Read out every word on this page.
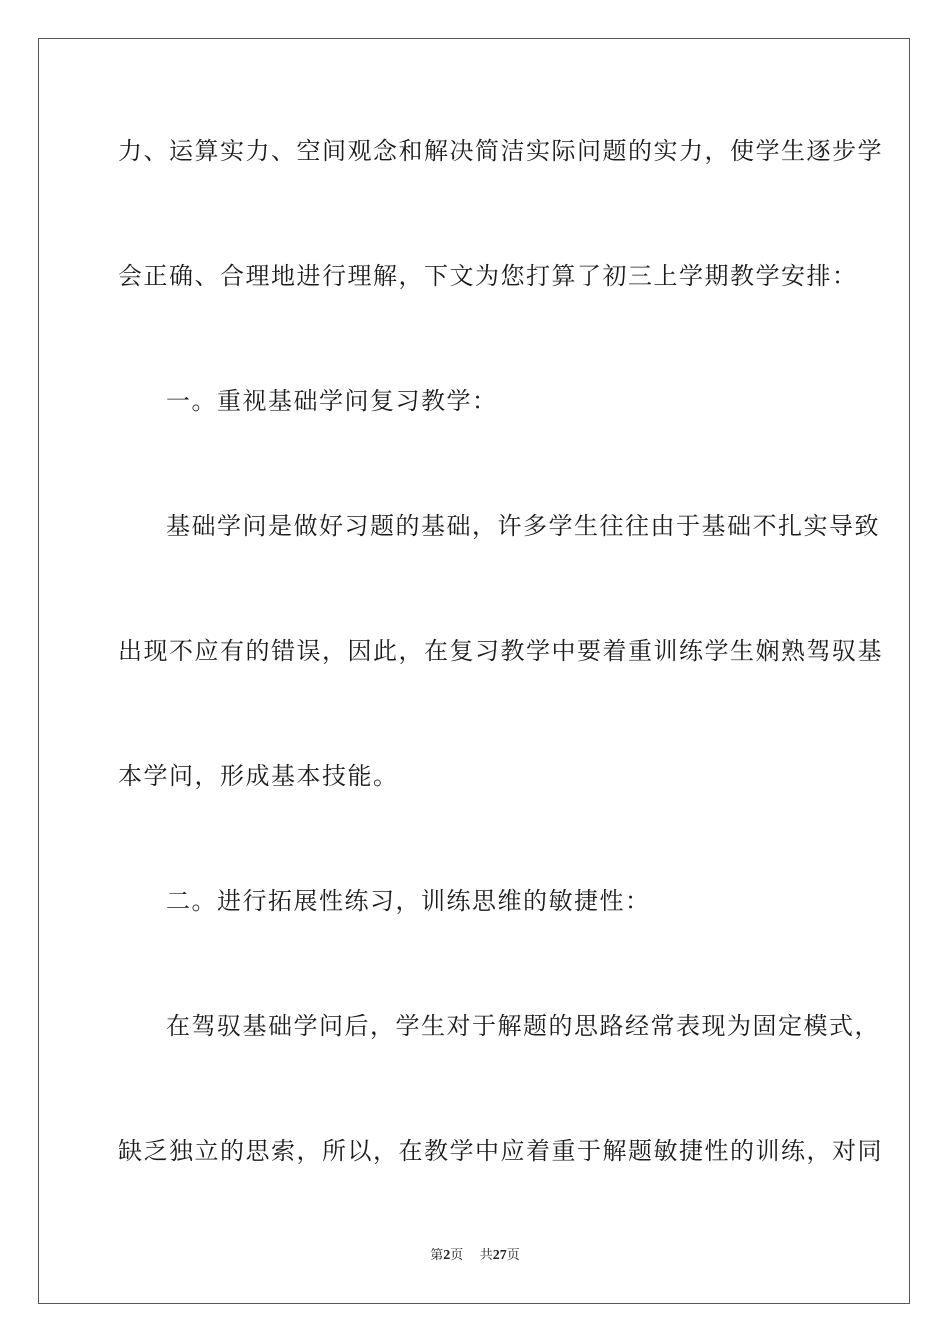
力、运算实力、空间观念和解决简洁实际问题的实力，使学生逐步学
会正确、合理地进行理解，下文为您打算了初三上学期教学安排：
一。重视基础学问复习教学：
基础学问是做好习题的基础，许多学生往往由于基础不扎实导致
出现不应有的错误，因此，在复习教学中要着重训练学生娴熟驾驭基
本学问，形成基本技能。
二。进行拓展性练习，训练思维的敏捷性：
在驾驭基础学问后，学生对于解题的思路经常表现为固定模式，
缺乏独立的思索，所以，在教学中应着重于解题敏捷性的训练，对同
第2页 共27页
